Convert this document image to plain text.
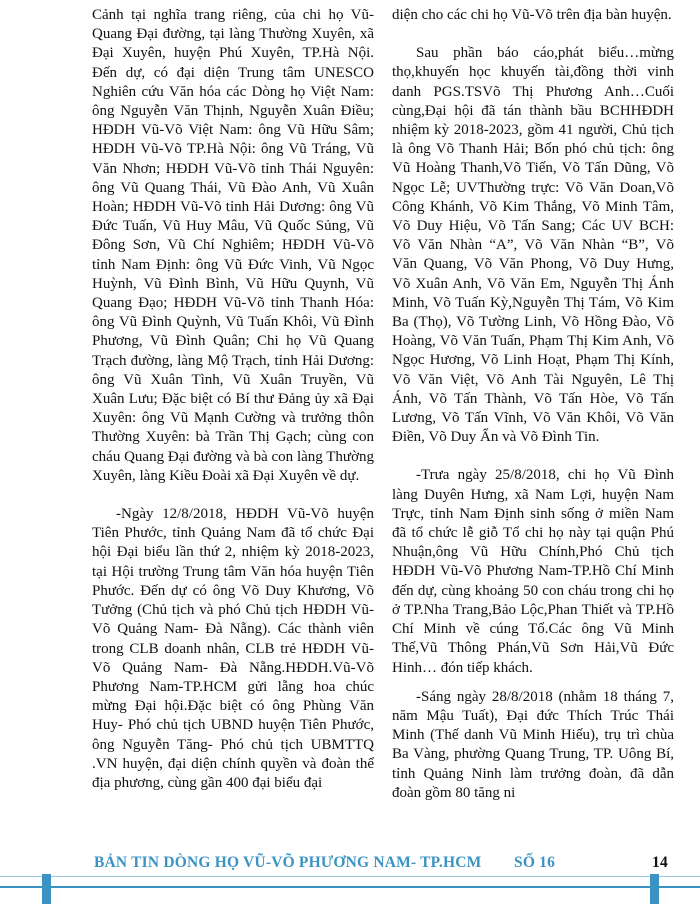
Cảnh tại nghĩa trang riêng, của chi họ Vũ-Quang Đại đường, tại làng Thường Xuyên, xã Đại Xuyên, huyện Phú Xuyên, TP.Hà Nội. Đến dự, có đại diện Trung tâm UNESCO Nghiên cứu Văn hóa các Dòng họ Việt Nam: ông Nguyễn Văn Thịnh, Nguyễn Xuân Điều; HĐDH Vũ-Võ Việt Nam: ông Vũ Hữu Sâm; HĐDH Vũ-Võ TP.Hà Nội: ông Vũ Tráng, Vũ Văn Nhơn; HĐDH Vũ-Võ tỉnh Thái Nguyên: ông Vũ Quang Thái, Vũ Đào Anh, Vũ Xuân Hoàn; HĐDH Vũ-Võ tỉnh Hải Dương: ông Vũ Đức Tuấn, Vũ Huy Mâu, Vũ Quốc Sủng, Vũ Đông Sơn, Vũ Chí Nghiêm; HĐDH Vũ-Võ tỉnh Nam Định: ông Vũ Đức Vinh, Vũ Ngọc Huỳnh, Vũ Đình Bình, Vũ Hữu Quynh, Vũ Quang Đạo; HĐDH Vũ-Võ tỉnh Thanh Hóa: ông Vũ Đình Quỳnh, Vũ Tuấn Khôi, Vũ Đình Phương, Vũ Đình Quân; Chi họ Vũ Quang Trạch đường, làng Mộ Trạch, tỉnh Hải Dương: ông Vũ Xuân Tình, Vũ Xuân Truyền, Vũ Xuân Lưu; Đặc biệt có Bí thư Đảng ủy xã Đại Xuyên: ông Vũ Mạnh Cường và trưởng thôn Thường Xuyên: bà Trần Thị Gạch; cùng con cháu Quang Đại đường và bà con làng Thường Xuyên, làng Kiều Đoài xã Đại Xuyên về dự.

-Ngày 12/8/2018, HĐDH Vũ-Võ huyện Tiên Phước, tỉnh Quảng Nam đã tổ chức Đại hội Đại biểu lần thứ 2, nhiệm kỳ 2018-2023, tại Hội trường Trung tâm Văn hóa huyện Tiên Phước. Đến dự có ông Võ Duy Khương, Võ Tưởng (Chủ tịch và phó Chủ tịch HĐDH Vũ-Võ Quảng Nam- Đà Nẵng). Các thành viên trong CLB doanh nhân, CLB trẻ HĐDH Vũ-Võ Quảng Nam- Đà Nẵng.HĐDH.Vũ-Võ Phương Nam-TP.HCM gửi lẵng hoa chúc mừng Đại hội.Đặc biệt có ông Phùng Văn Huy- Phó chủ tịch UBND huyện Tiên Phước, ông Nguyễn Tăng- Phó chủ tịch UBMTTQ .VN huyện, đại diện chính quyền và đoàn thể địa phương, cùng gần 400 đại biểu đại

diện cho các chi họ Vũ-Võ trên địa bàn huyện.

Sau phần báo cáo,phát biểu…mừng thọ,khuyến học khuyến tài,đồng thời vinh danh PGS.TSVõ Thị Phương Anh…Cuối cùng,Đại hội đã tán thành bầu BCHHĐDH nhiệm kỳ 2018-2023, gồm 41 người, Chủ tịch là ông Võ Thanh Hải; Bốn phó chủ tịch: ông Vũ Hoàng Thanh,Võ Tiến, Võ Tấn Dũng, Võ Ngọc Lễ; UVThường trực: Võ Văn Doan,Võ Công Khánh, Võ Kim Thắng, Võ Minh Tâm, Võ Duy Hiệu, Võ Tấn Sang; Các UV BCH: Võ Văn Nhàn “A”, Võ Văn Nhàn “B”, Võ Văn Quang, Võ Văn Phong, Võ Duy Hưng, Võ Xuân Anh, Võ Văn Em, Nguyễn Thị Ánh Minh, Võ Tuấn Kỳ,Nguyễn Thị Tám, Võ Kim Ba (Thọ), Võ Tường Linh, Võ Hồng Đào, Võ Hoàng, Võ Văn Tuấn, Phạm Thị Kim Anh, Võ Ngọc Hương, Võ Linh Hoạt, Phạm Thị Kính, Võ Văn Việt, Võ Anh Tài Nguyên, Lê Thị Ánh, Võ Tấn Thành, Võ Tấn Hòe, Võ Tấn Lương, Võ Tấn Vĩnh, Võ Văn Khôi, Võ Văn Điền, Võ Duy Ẩn và Võ Đình Tin.

-Trưa ngày 25/8/2018, chi họ Vũ Đình làng Duyên Hưng, xã Nam Lợi, huyện Nam Trực, tỉnh Nam Định sinh sống ở miền Nam đã tổ chức lễ giỗ Tổ chi họ này tại quận Phú Nhuận,ông Vũ Hữu Chính,Phó Chủ tịch HĐDH Vũ-Võ Phương Nam-TP.Hồ Chí Minh đến dự, cùng khoảng 50 con cháu trong chi họ ở TP.Nha Trang,Bảo Lộc,Phan Thiết và TP.Hồ Chí Minh về cúng Tổ.Các ông Vũ Minh Thế,Vũ Thông Phán,Vũ Sơn Hải,Vũ Đức Hinh… đón tiếp khách.

-Sáng ngày 28/8/2018 (nhằm 18 tháng 7, năm Mậu Tuất), Đại đức Thích Trúc Thái Minh (Thế danh Vũ Minh Hiếu), trụ trì chùa Ba Vàng, phường Quang Trung, TP. Uông Bí, tỉnh Quảng Ninh làm trưởng đoàn, đã dẫn đoàn gồm 80 tăng ni

BẢN TIN DÒNG HỌ VŨ-VÕ PHƯƠNG NAM- TP.HCM SỐ 16	14
